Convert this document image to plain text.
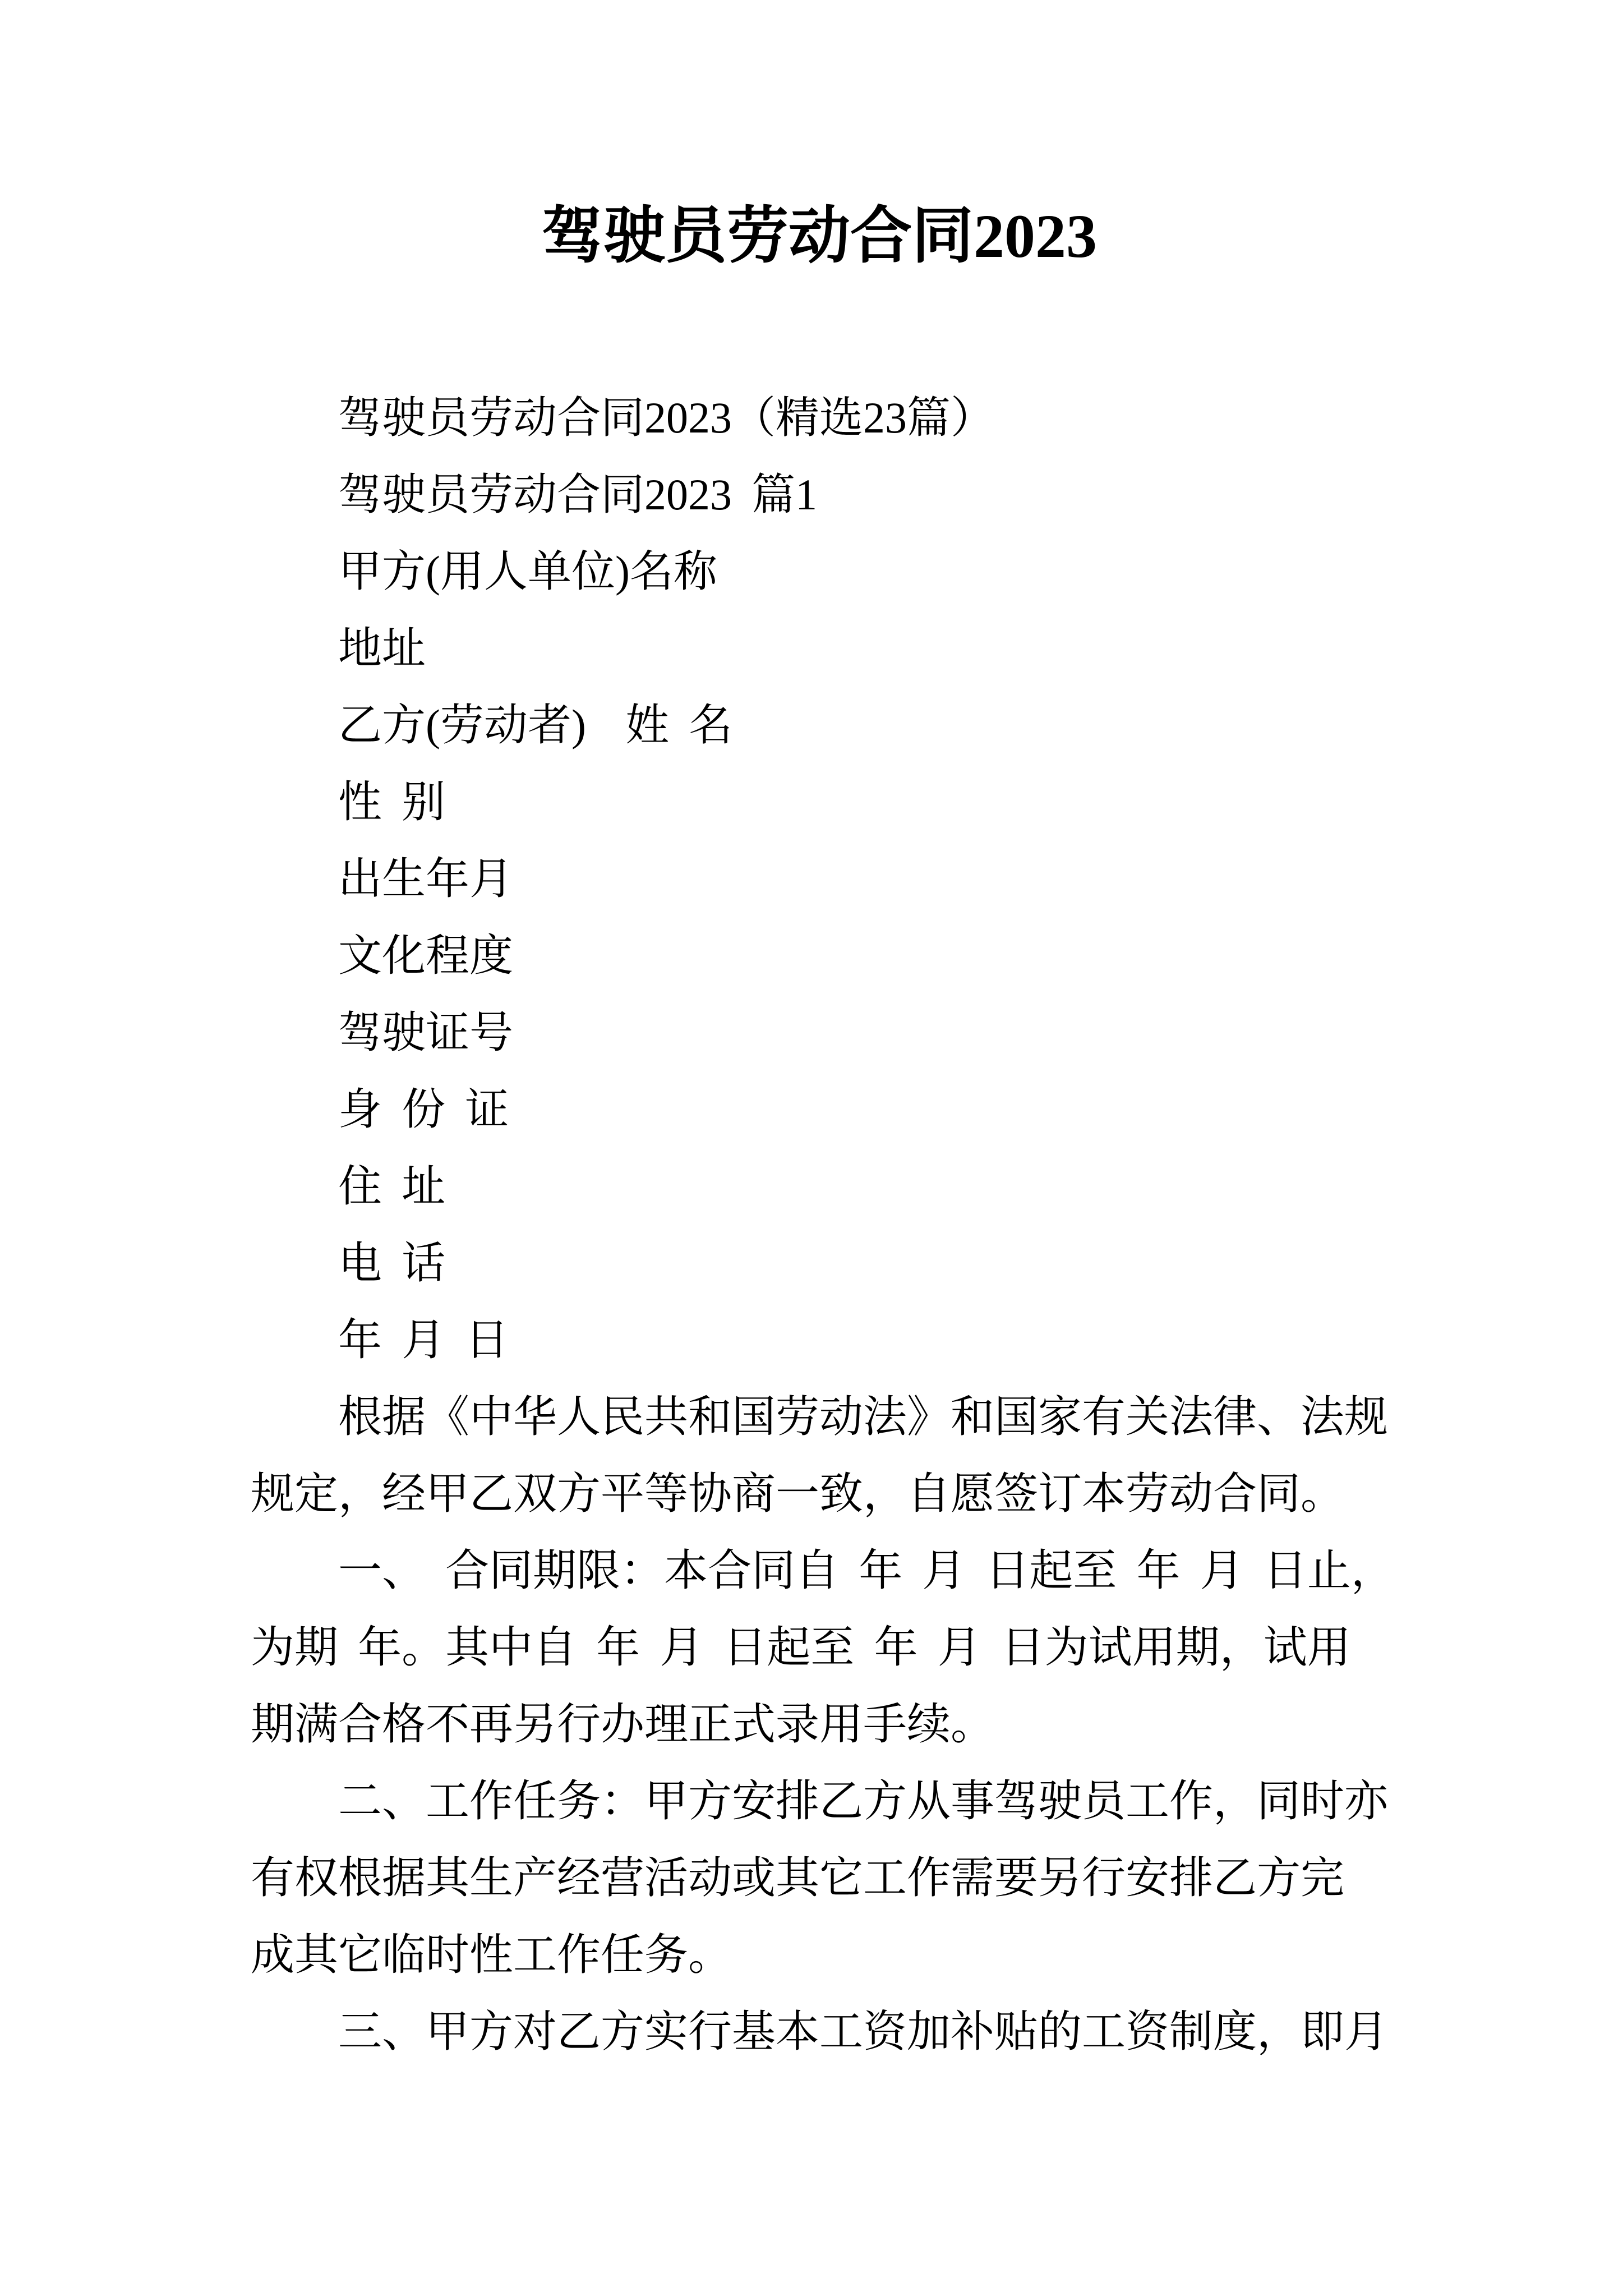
驾驶员劳动合同2023
驾驶员劳动合同2023（精选23篇）
驾驶员劳动合同2023 篇1
甲方(用人单位)名称
地址
乙方(劳动者)  姓 名
性 别
出生年月
文化程度
驾驶证号
身 份 证
住 址
电 话
年 月 日
根据《中华人民共和国劳动法》和国家有关法律、法规
规定，经甲乙双方平等协商一致，自愿签订本劳动合同。
一、 合同期限：本合同自 年 月 日起至 年 月 日止，
为期 年。其中自 年 月 日起至 年 月 日为试用期，试用
期满合格不再另行办理正式录用手续。
二、工作任务：甲方安排乙方从事驾驶员工作，同时亦
有权根据其生产经营活动或其它工作需要另行安排乙方完
成其它临时性工作任务。
三、甲方对乙方实行基本工资加补贴的工资制度，即月
